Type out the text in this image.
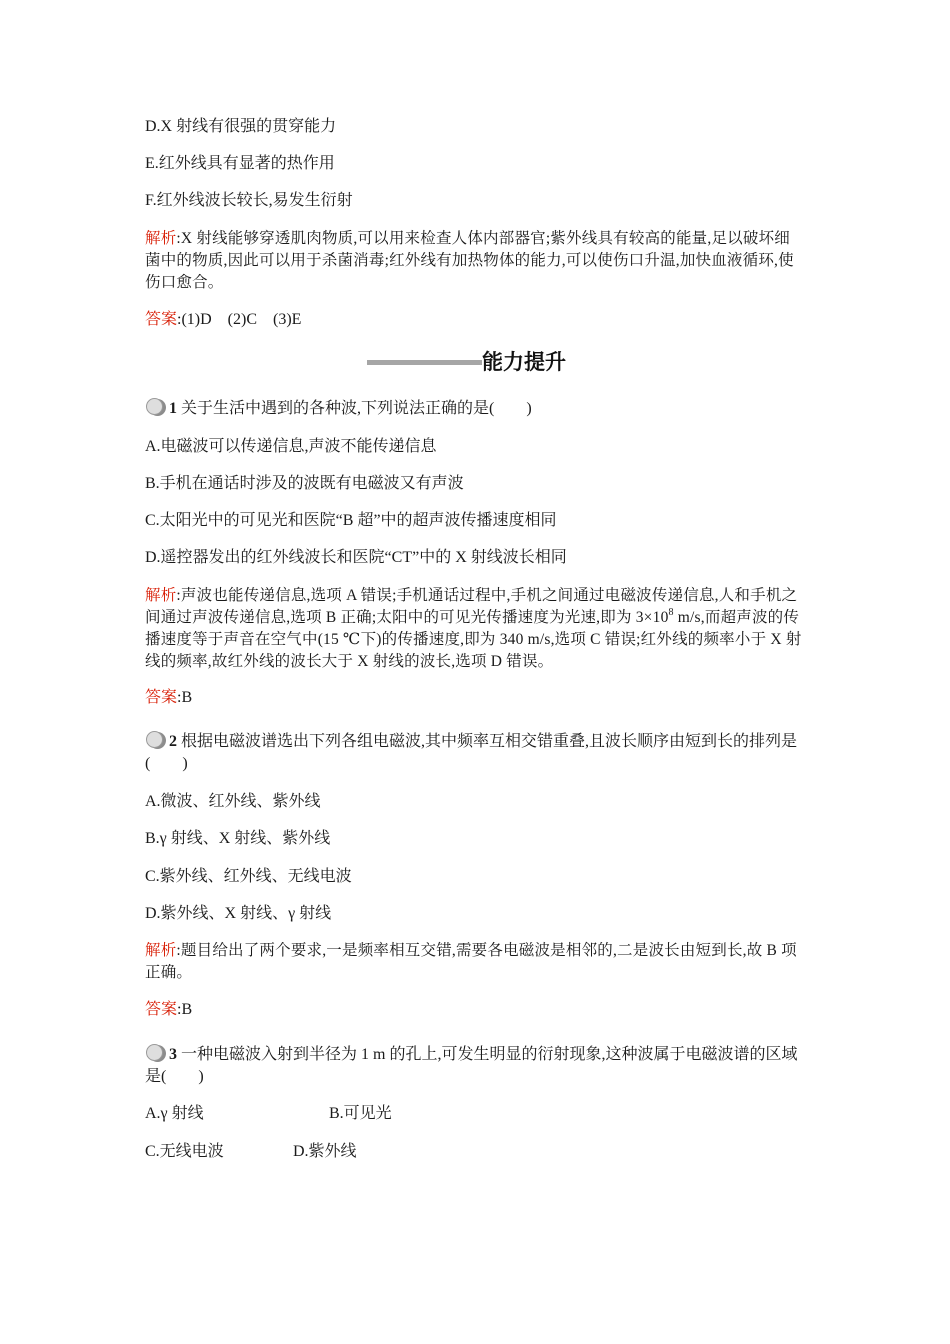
D.X 射线有很强的贯穿能力
E.红外线具有显著的热作用
F.红外线波长较长,易发生衍射
解析:X 射线能够穿透肌肉物质,可以用来检查人体内部器官;紫外线具有较高的能量,足以破坏细菌中的物质,因此可以用于杀菌消毒;红外线有加热物体的能力,可以使伤口升温,加快血液循环,使伤口愈合。
答案:(1)D　(2)C　(3)E
能力提升
1 关于生活中遇到的各种波,下列说法正确的是(　　)
A.电磁波可以传递信息,声波不能传递信息
B.手机在通话时涉及的波既有电磁波又有声波
C.太阳光中的可见光和医院“B 超”中的超声波传播速度相同
D.遥控器发出的红外线波长和医院“CT”中的 X 射线波长相同
解析:声波也能传递信息,选项 A 错误;手机通话过程中,手机之间通过电磁波传递信息,人和手机之间通过声波传递信息,选项 B 正确;太阳中的可见光传播速度为光速,即为 $3\times 10^8$ m/s,而超声波的传播速度等于声音在空气中(15 ℃下)的传播速度,即为 340 m/s,选项 C 错误;红外线的频率小于 X 射线的频率,故红外线的波长大于 X 射线的波长,选项 D 错误。
答案:B
2 根据电磁波谱选出下列各组电磁波,其中频率互相交错重叠,且波长顺序由短到长的排列是(　　)
A.微波、红外线、紫外线
B.γ 射线、X 射线、紫外线
C.紫外线、红外线、无线电波
D.紫外线、X 射线、γ 射线
解析:题目给出了两个要求,一是频率相互交错,需要各电磁波是相邻的,二是波长由短到长,故 B 项正确。
答案:B
3 一种电磁波入射到半径为 1 m 的孔上,可发生明显的衍射现象,这种波属于电磁波谱的区域是(　　)
A.γ 射线	B.可见光
C.无线电波	D.紫外线
